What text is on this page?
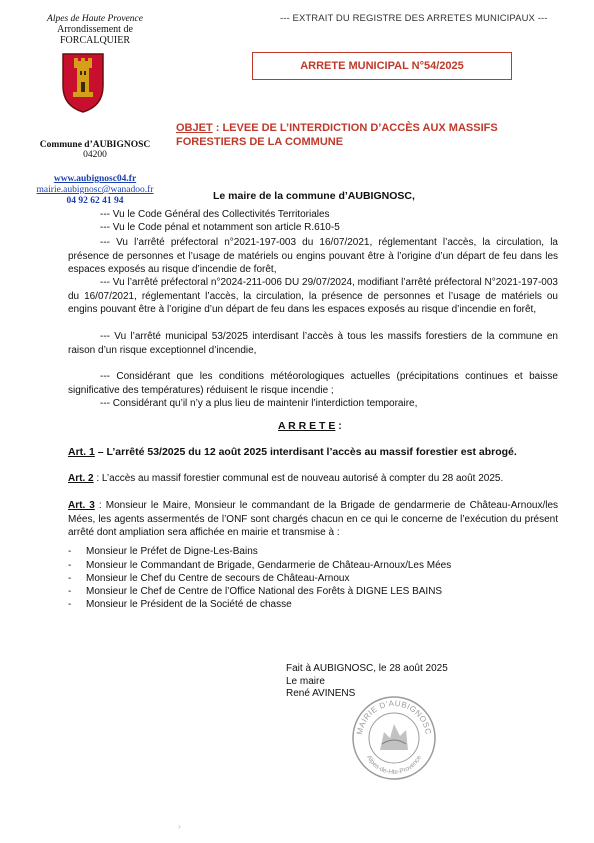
Alpes de Haute Provence
Arrondissement de
FORCALQUIER
Commune d’AUBIGNOSC
04200
www.aubignosc04.fr
mairie.aubignosc@wanadoo.fr
04 92 62 41 94
--- EXTRAIT DU REGISTRE DES ARRETES MUNICIPAUX ---
ARRETE MUNICIPAL N°54/2025
OBJET : LEVEE DE L’INTERDICTION D’ACCÈS AUX MASSIFS
FORESTIERS DE LA COMMUNE
Le maire de la commune d’AUBIGNOSC,
--- Vu le Code Général des Collectivités Territoriales
--- Vu le Code pénal et notamment son article R.610-5
--- Vu l’arrêté préfectoral n°2021-197-003 du 16/07/2021, réglementant l’accès, la circulation, la présence de personnes et l’usage de matériels ou engins pouvant être à l’origine d’un départ de feu dans les espaces exposés au risque d’incendie de forêt,
--- Vu l’arrêté préfectoral n°2024-211-006 DU 29/07/2024, modifiant l’arrêté préfectoral N°2021-197-003 du 16/07/2021, réglementant l’accès, la circulation, la présence de personnes et l’usage de matériels ou engins pouvant être à l’origine d’un départ de feu dans les espaces exposés au risque d’incendie en forêt,
--- Vu l’arrêté municipal 53/2025 interdisant l’accès à tous les massifs forestiers de la commune en raison d’un risque exceptionnel d’incendie,
--- Considérant que les conditions météorologiques actuelles (précipitations continues et baisse significative des températures) réduisent le risque incendie ;
--- Considérant qu’il n’y a plus lieu de maintenir l’interdiction temporaire,
A R R E T E :
Art. 1 – L’arrêté 53/2025 du 12 août 2025 interdisant l’accès au massif forestier est abrogé.
Art. 2 : L’accès au massif forestier communal est de nouveau autorisé à compter du 28 août 2025.
Art. 3 : Monsieur le Maire, Monsieur le commandant de la Brigade de gendarmerie de Château-Arnoux/les Mées, les agents assermentés de l’ONF sont chargés chacun en ce qui le concerne de l’exécution du présent arrêté dont ampliation sera affichée en mairie et transmise à :
- Monsieur le Préfet de Digne-Les-Bains
- Monsieur le Commandant de Brigade, Gendarmerie de Château-Arnoux/Les Mées
- Monsieur le Chef du Centre de secours de Château-Arnoux
- Monsieur le Chef de Centre de l’Office National des Forêts à DIGNE LES BAINS
- Monsieur le Président de la Société de chasse
Fait à AUBIGNOSC, le 28 août 2025
Le maire
René AVINENS
MAIRIE D’AUBIGNOSC
Alpes-de-Hte-Provence
›
